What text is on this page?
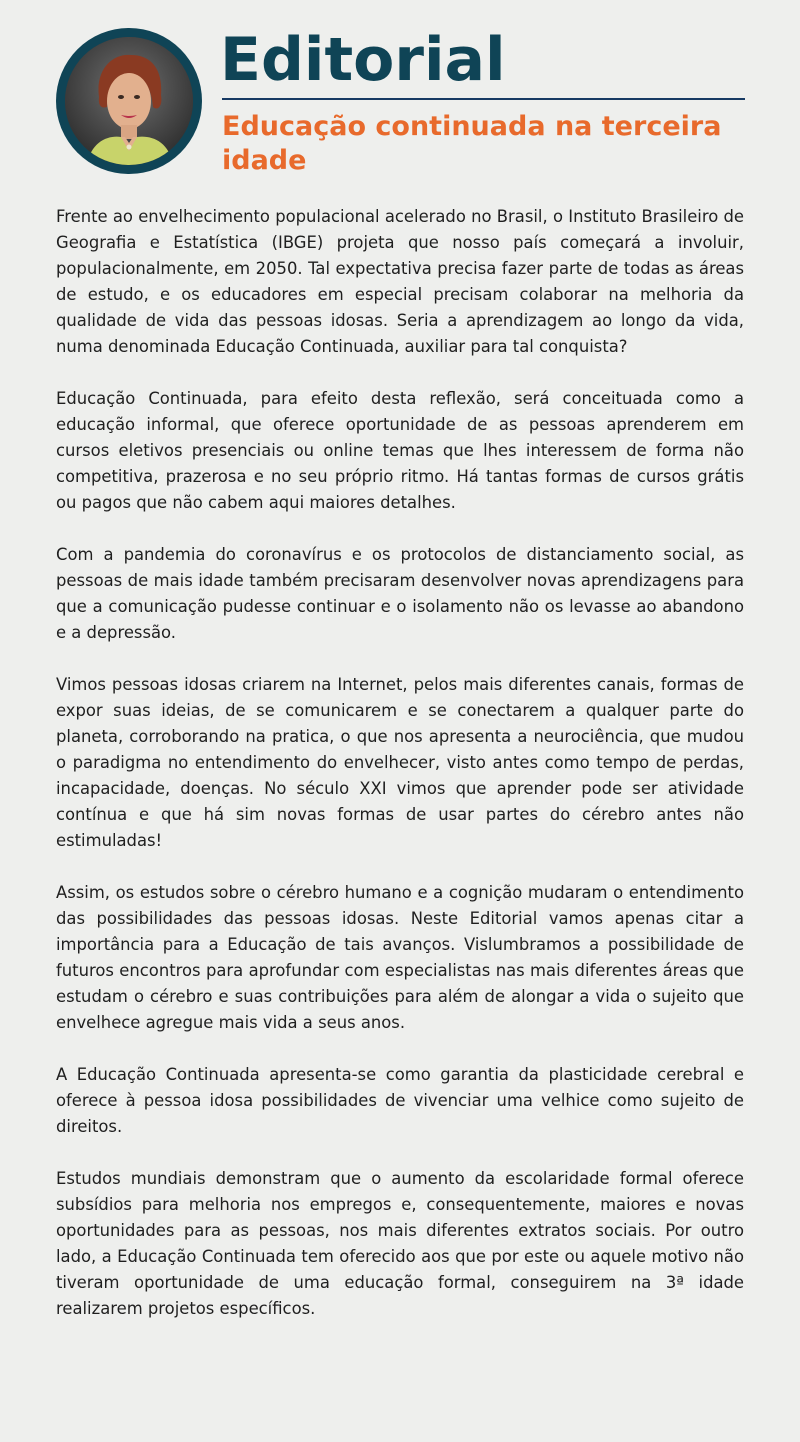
Editorial
Educação continuada na terceira idade

Frente ao envelhecimento populacional acelerado no Brasil, o Instituto Brasileiro de Geografia e Estatística (IBGE) projeta que nosso país começará a involuir, populacionalmente, em 2050. Tal expectativa precisa fazer parte de todas as áreas de estudo, e os educadores em especial precisam colaborar na melhoria da qualidade de vida das pessoas idosas. Seria a aprendizagem ao longo da vida, numa denominada Educação Continuada, auxiliar para tal conquista?

Educação Continuada, para efeito desta reflexão, será conceituada como a educação informal, que oferece oportunidade de as pessoas aprenderem em cursos eletivos presenciais ou online temas que lhes interessem de forma não competitiva, prazerosa e no seu próprio ritmo. Há tantas formas de cursos grátis ou pagos que não cabem aqui maiores detalhes.

Com a pandemia do coronavírus e os protocolos de distanciamento social, as pessoas de mais idade também precisaram desenvolver novas aprendizagens para que a comunicação pudesse continuar e o isolamento não os levasse ao abandono e a depressão.

Vimos pessoas idosas criarem na Internet, pelos mais diferentes canais, formas de expor suas ideias, de se comunicarem e se conectarem a qualquer parte do planeta, corroborando na pratica, o que nos apresenta a neurociência, que mudou o paradigma no entendimento do envelhecer, visto antes como tempo de perdas, incapacidade, doenças. No século XXI vimos que aprender pode ser atividade contínua e que há sim novas formas de usar partes do cérebro antes não estimuladas!

Assim, os estudos sobre o cérebro humano e a cognição mudaram o entendimento das possibilidades das pessoas idosas. Neste Editorial vamos apenas citar a importância para a Educação de tais avanços. Vislumbramos a possibilidade de futuros encontros para aprofundar com especialistas nas mais diferentes áreas que estudam o cérebro e suas contribuições para além de alongar a vida o sujeito que envelhece agregue mais vida a seus anos.

A Educação Continuada apresenta-se como garantia da plasticidade cerebral e oferece à pessoa idosa possibilidades de vivenciar uma velhice como sujeito de direitos.

Estudos mundiais demonstram que o aumento da escolaridade formal oferece subsídios para melhoria nos empregos e, consequentemente, maiores e novas oportunidades para as pessoas, nos mais diferentes extratos sociais. Por outro lado, a Educação Continuada tem oferecido aos que por este ou aquele motivo não tiveram oportunidade de uma educação formal, conseguirem na 3ª idade realizarem projetos específicos.
